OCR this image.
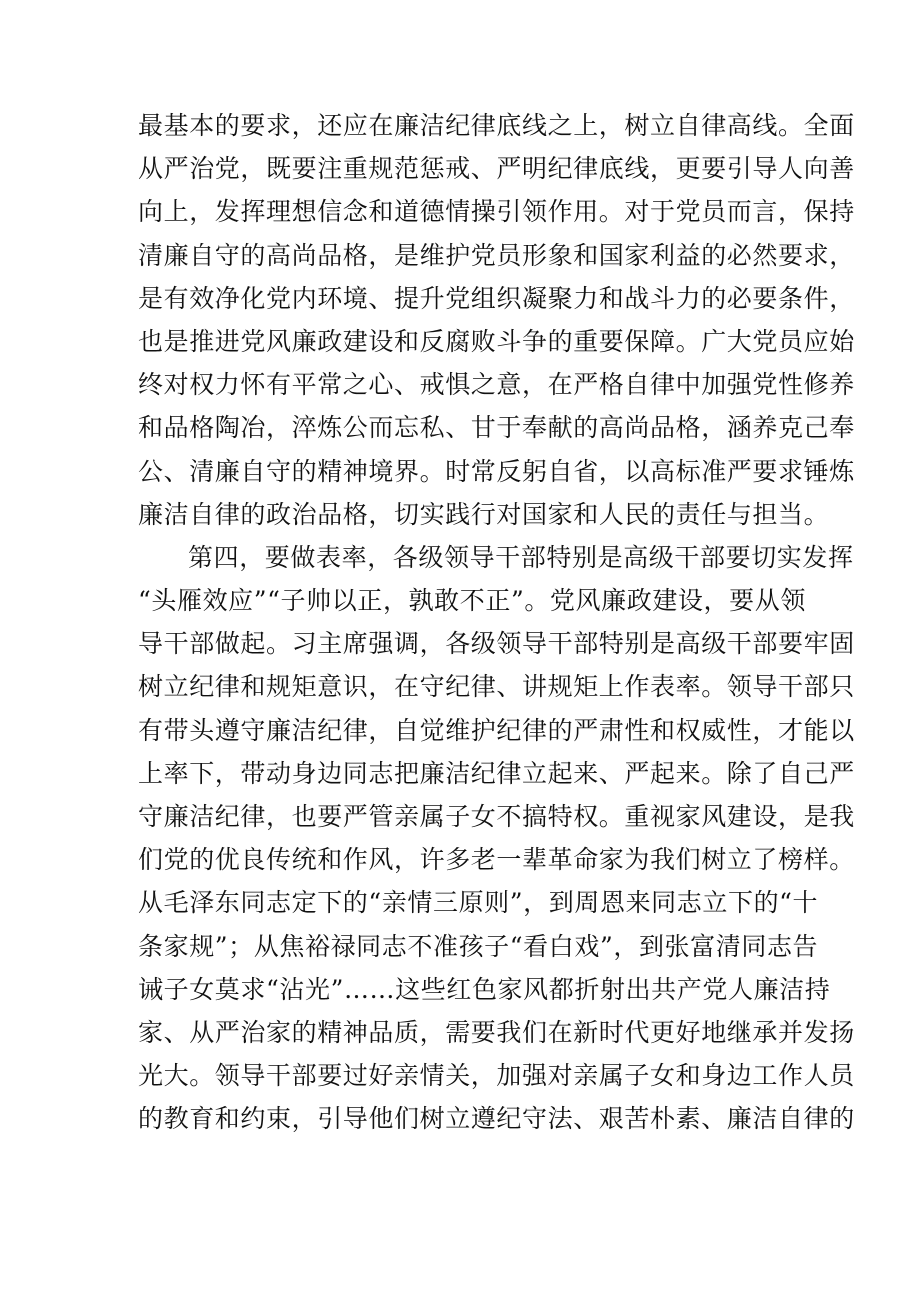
最基本的要求，还应在廉洁纪律底线之上，树立自律高线。全面
从严治党，既要注重规范惩戒、严明纪律底线，更要引导人向善
向上，发挥理想信念和道德情操引领作用。对于党员而言，保持
清廉自守的高尚品格，是维护党员形象和国家利益的必然要求，
是有效净化党内环境、提升党组织凝聚力和战斗力的必要条件，
也是推进党风廉政建设和反腐败斗争的重要保障。广大党员应始
终对权力怀有平常之心、戒惧之意，在严格自律中加强党性修养
和品格陶冶，淬炼公而忘私、甘于奉献的高尚品格，涵养克己奉
公、清廉自守的精神境界。时常反躬自省，以高标准严要求锤炼
廉洁自律的政治品格，切实践行对国家和人民的责任与担当。
第四，要做表率，各级领导干部特别是高级干部要切实发挥
“头雁效应”“子帅以正，孰敢不正”。党风廉政建设，要从领
导干部做起。习主席强调，各级领导干部特别是高级干部要牢固
树立纪律和规矩意识，在守纪律、讲规矩上作表率。领导干部只
有带头遵守廉洁纪律，自觉维护纪律的严肃性和权威性，才能以
上率下，带动身边同志把廉洁纪律立起来、严起来。除了自己严
守廉洁纪律，也要严管亲属子女不搞特权。重视家风建设，是我
们党的优良传统和作风，许多老一辈革命家为我们树立了榜样。
从毛泽东同志定下的“亲情三原则”，到周恩来同志立下的“十
条家规”；从焦裕禄同志不准孩子“看白戏”，到张富清同志告
诫子女莫求“沾光”……这些红色家风都折射出共产党人廉洁持
家、从严治家的精神品质，需要我们在新时代更好地继承并发扬
光大。领导干部要过好亲情关，加强对亲属子女和身边工作人员
的教育和约束，引导他们树立遵纪守法、艰苦朴素、廉洁自律的
